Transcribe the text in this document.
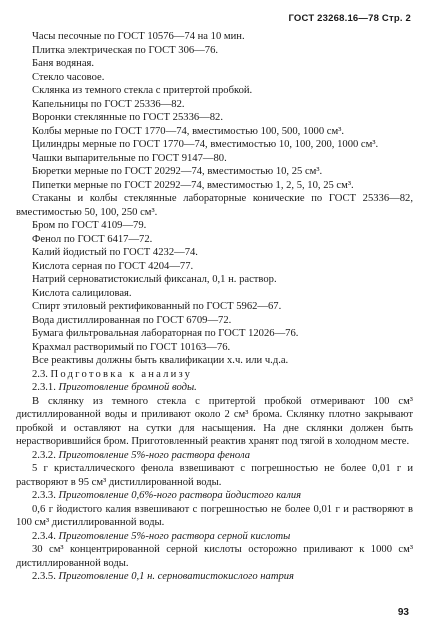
ГОСТ 23268.16—78 Стр. 2

Часы песочные по ГОСТ 10576—74 на 10 мин.

Плитка электрическая по ГОСТ 306—76.

Баня водяная.

Стекло часовое.

Склянка из темного стекла с притертой пробкой.

Капельницы по ГОСТ 25336—82.

Воронки стеклянные по ГОСТ 25336—82.

Колбы мерные по ГОСТ 1770—74, вместимостью 100, 500, 1000 см³.

Цилиндры мерные по ГОСТ 1770—74, вместимостью 10, 100, 200, 1000 см³.

Чашки выпарительные по ГОСТ 9147—80.

Бюретки мерные по ГОСТ 20292—74, вместимостью 10, 25 см³.

Пипетки мерные по ГОСТ 20292—74, вместимостью 1, 2, 5, 10, 25 см³.

Стаканы и колбы стеклянные лабораторные конические по ГОСТ 25336—82, вместимостью 50, 100, 250 см³.

Бром по ГОСТ 4109—79.

Фенол по ГОСТ 6417—72.

Калий йодистый по ГОСТ 4232—74.

Кислота серная по ГОСТ 4204—77.

Натрий серноватистокислый фиксанал, 0,1 н. раствор.

Кислота салициловая.

Спирт этиловый ректификованный по ГОСТ 5962—67.

Вода дистиллированная по ГОСТ 6709—72.

Бумага фильтровальная лабораторная по ГОСТ 12026—76.

Крахмал растворимый по ГОСТ 10163—76.

Все реактивы должны быть квалификации х.ч. или ч.д.а.

2.3. Подготовка к анализу

2.3.1. Приготовление бромной воды.

В склянку из темного стекла с притертой пробкой отмеривают 100 см³ дистиллированной воды и приливают около 2 см³ брома. Склянку плотно закрывают пробкой и оставляют на сутки для насыщения. На дне склянки должен быть нерастворившийся бром. Приготовленный реактив хранят под тягой в холодном месте.

2.3.2. Приготовление 5%-ного раствора фенола

5 г кристаллического фенола взвешивают с погрешностью не более 0,01 г и растворяют в 95 см³ дистиллированной воды.

2.3.3. Приготовление 0,6%-ного раствора йодистого калия

0,6 г йодистого калия взвешивают с погрешностью не более 0,01 г и растворяют в 100 см³ дистиллированной воды.

2.3.4. Приготовление 5%-ного раствора серной кислоты

30 см³ концентрированной серной кислоты осторожно приливают к 1000 см³ дистиллированной воды.

2.3.5. Приготовление 0,1 н. серноватистокислого натрия

93
